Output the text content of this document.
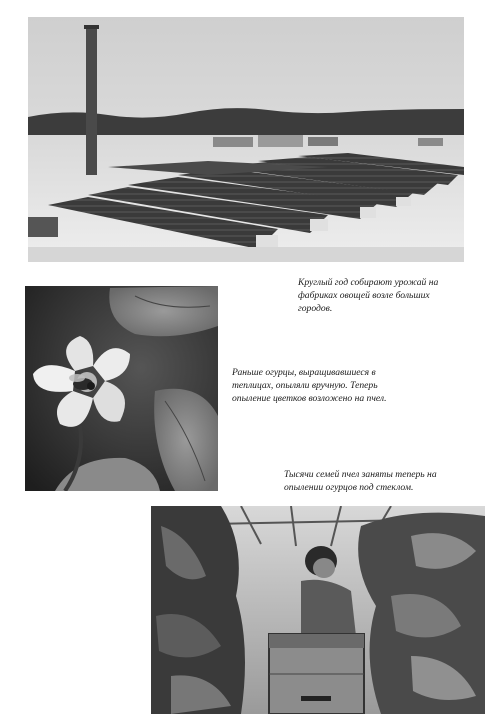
Круглый год собирают урожай на
фабриках овощей возле больших
городов.

Раньше огурцы, выращивавшиеся в
теплицах, опыляли вручную. Теперь
опыление цветков возложено на пчел.

Тысячи семей пчел заняты теперь на
опылении огурцов под стеклом.
